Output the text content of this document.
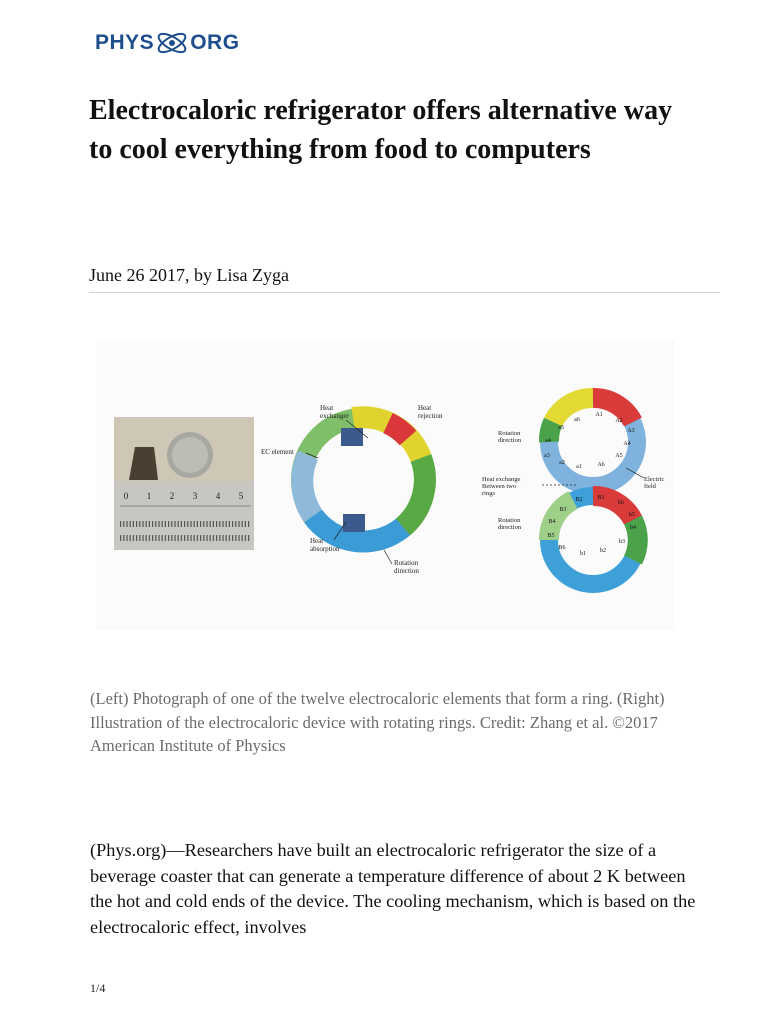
PHYS ORG
Electrocaloric refrigerator offers alternative way to cool everything from food to computers
June 26 2017, by Lisa Zyga
0 1 2 3 4 5
Heat
exchanger
Heat
rejection
EC element
Heat
absorption
Rotation
direction
Rotation
direction
Heat exchange
Between two
rings
Electric
field
Rotation
direction
A1
A2
A3
A4
A5
A6
a1
a2
a3
a4
a5
a6
B1
B2
B3
B4
B5
B6
b1 b2
b3
b4
b5
b6
(Left) Photograph of one of the twelve electrocaloric elements that form a ring. (Right) Illustration of the electrocaloric device with rotating rings. Credit: Zhang et al. ©2017 American Institute of Physics
(Phys.org)—Researchers have built an electrocaloric refrigerator the size of a beverage coaster that can generate a temperature difference of about 2 K between the hot and cold ends of the device. The cooling mechanism, which is based on the electrocaloric effect, involves
1/4
